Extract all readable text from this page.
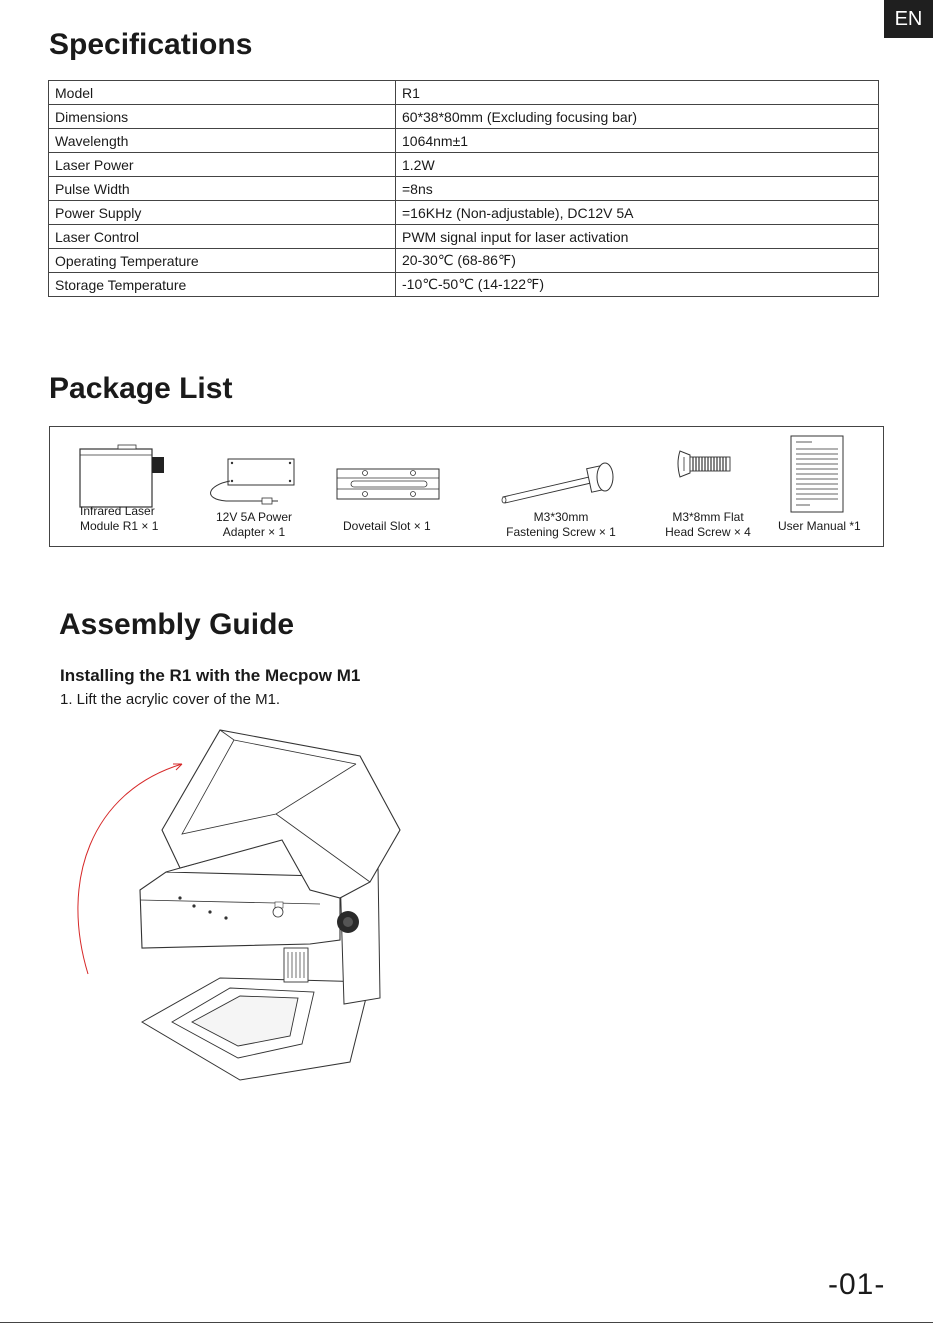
EN
Specifications
Model	R1
Dimensions	60*38*80mm (Excluding focusing bar)
Wavelength	1064nm±1
Laser Power	1.2W
Pulse Width	=8ns
Power Supply	=16KHz (Non-adjustable), DC12V 5A
Laser Control	PWM signal input for laser activation
Operating Temperature	20-30℃ (68-86℉)
Storage Temperature	-10℃-50℃ (14-122℉)
Package List
Infrared Laser
Module R1 × 1
12V 5A Power
Adapter × 1	Dovetail Slot × 1
M3*30mm
Fastening Screw × 1
M3*8mm Flat
Head Screw × 4 User Manual *1
Assembly Guide

Installing the R1 with the Mecpow M1

1. Lift the acrylic cover of the M1.

-01-
